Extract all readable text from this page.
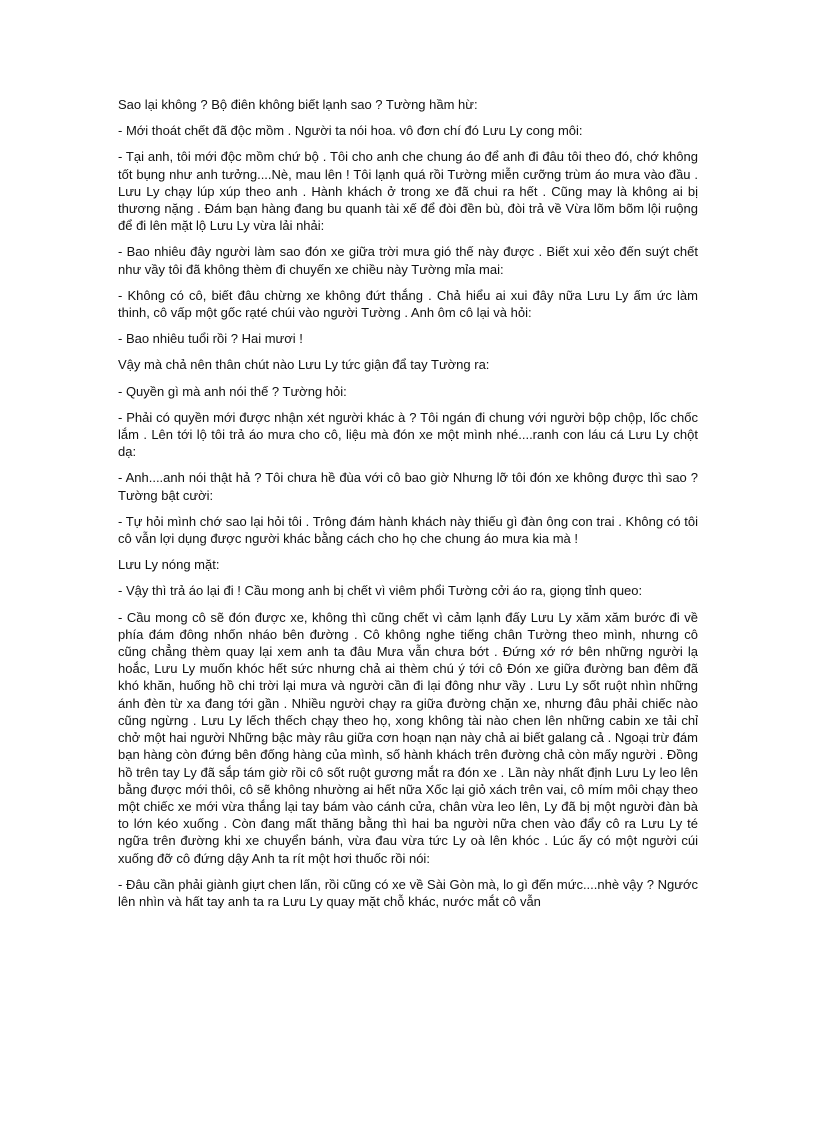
Sao lại không ? Bộ điên không biết lạnh sao ? Tường hầm hừ:

- Mới thoát chết đã độc mồm . Người ta nói hoa. vô đơn chí đó Lưu Ly cong môi:

- Tại anh, tôi mới độc mồm chứ bộ . Tôi cho anh che chung áo để anh đi đâu tôi theo đó, chớ không tốt bụng như anh tưởng....Nè, mau lên ! Tôi lạnh quá rồi Tường miễn cưỡng trùm áo mưa vào đầu . Lưu Ly chạy lúp xúp theo anh . Hành khách ở trong xe đã chui ra hết . Cũng may là không ai bị thương nặng . Đám bạn hàng đang bu quanh tài xế để đòi đền bù, đòi trả về Vừa lõm bõm lội ruộng để đi lên mặt lộ Lưu Ly vừa lải nhải:

- Bao nhiêu đây người làm sao đón xe giữa trời mưa gió thế này được . Biết xui xẻo đến suýt chết như vầy tôi đã không thèm đi chuyến xe chiều này Tường mỉa mai:

- Không có cô, biết đâu chừng xe không đứt thắng . Chả hiểu ai xui đây nữa Lưu Ly ấm ức làm thinh, cô vấp một gốc rạté chúi vào người Tường . Anh ôm cô lại và hỏi:

- Bao nhiêu tuổi rồi ? Hai mươi !

Vậy mà chả nên thân chút nào Lưu Ly tức giận đẩ tay Tường ra:

- Quyền gì mà anh nói thế ? Tường hỏi:

- Phải có quyền mới được nhận xét người khác à ? Tôi ngán đi chung với người bộp chộp, lốc chốc lắm . Lên tới lộ tôi trả áo mưa cho cô, liệu mà đón xe một mình nhé....ranh con láu cá Lưu Ly chột dạ:

- Anh....anh nói thật hả ? Tôi chưa hề đùa với cô bao giờ Nhưng lỡ tôi đón xe không được thì sao ? Tường bật cười:

- Tự hỏi mình chớ sao lại hỏi tôi . Trông đám hành khách này thiếu gì đàn ông con trai . Không có tôi cô vẫn lợi dụng được người khác bằng cách cho họ che chung áo mưa kia mà !

Lưu Ly nóng mặt:

- Vậy thì trả áo lại đi ! Cầu mong anh bị chết vì viêm phổi Tường cởi áo ra, giọng tỉnh queo:

- Cầu mong cô sẽ đón được xe, không thì cũng chết vì cảm lạnh đấy Lưu Ly xăm xăm bước đi về phía đám đông nhốn nháo bên đường . Cô không nghe tiếng chân Tường theo mình, nhưng cô cũng chẳng thèm quay lại xem anh ta đâu Mưa vẫn chưa bớt . Đứng xớ rớ bên những người lạ hoắc, Lưu Ly muốn khóc hết sức nhưng chả ai thèm chú ý tới cô Đón xe giữa đường ban đêm đã khó khăn, huống hồ chi trời lại mưa và người cần đi lại đông như vầy . Lưu Ly sốt ruột nhìn những ánh đèn từ xa đang tới gần . Nhiều người chạy ra giữa đường chặn xe, nhưng đâu phải chiếc nào cũng ngừng . Lưu Ly lếch thếch chạy theo họ, xong không tài nào chen lên những cabin xe tải chỉ chở một hai người Những bậc mày râu giữa cơn hoạn nạn này chả ai biết galang cả . Ngoại trừ đám bạn hàng còn đứng bên đống hàng của mình, số hành khách trên đường chả còn mấy người . Đồng hồ trên tay Ly đã sắp tám giờ rồi cô sốt ruột gương mắt ra đón xe . Lần này nhất định Lưu Ly leo lên bằng được mới thôi, cô sẽ không nhường ai hết nữa Xốc lại giỏ xách trên vai, cô mím môi chạy theo một chiếc xe mới vừa thắng lại tay bám vào cánh cửa, chân vừa leo lên, Ly đã bị một người đàn bà to lớn kéo xuống . Còn đang mất thăng bằng thì hai ba người nữa chen vào đẩy cô ra Lưu Ly té ngữa trên đường khi xe chuyển bánh, vừa đau vừa tức Ly oà lên khóc . Lúc ấy có một người cúi xuống đỡ cô đứng dậy Anh ta rít một hơi thuốc rồi nói:

- Đâu cần phải giành giựt chen lấn, rồi cũng có xe về Sài Gòn mà, lo gì đến mức....nhè vậy ? Ngước lên nhìn và hất tay anh ta ra Lưu Ly quay mặt chỗ khác, nước mắt cô vẫn
